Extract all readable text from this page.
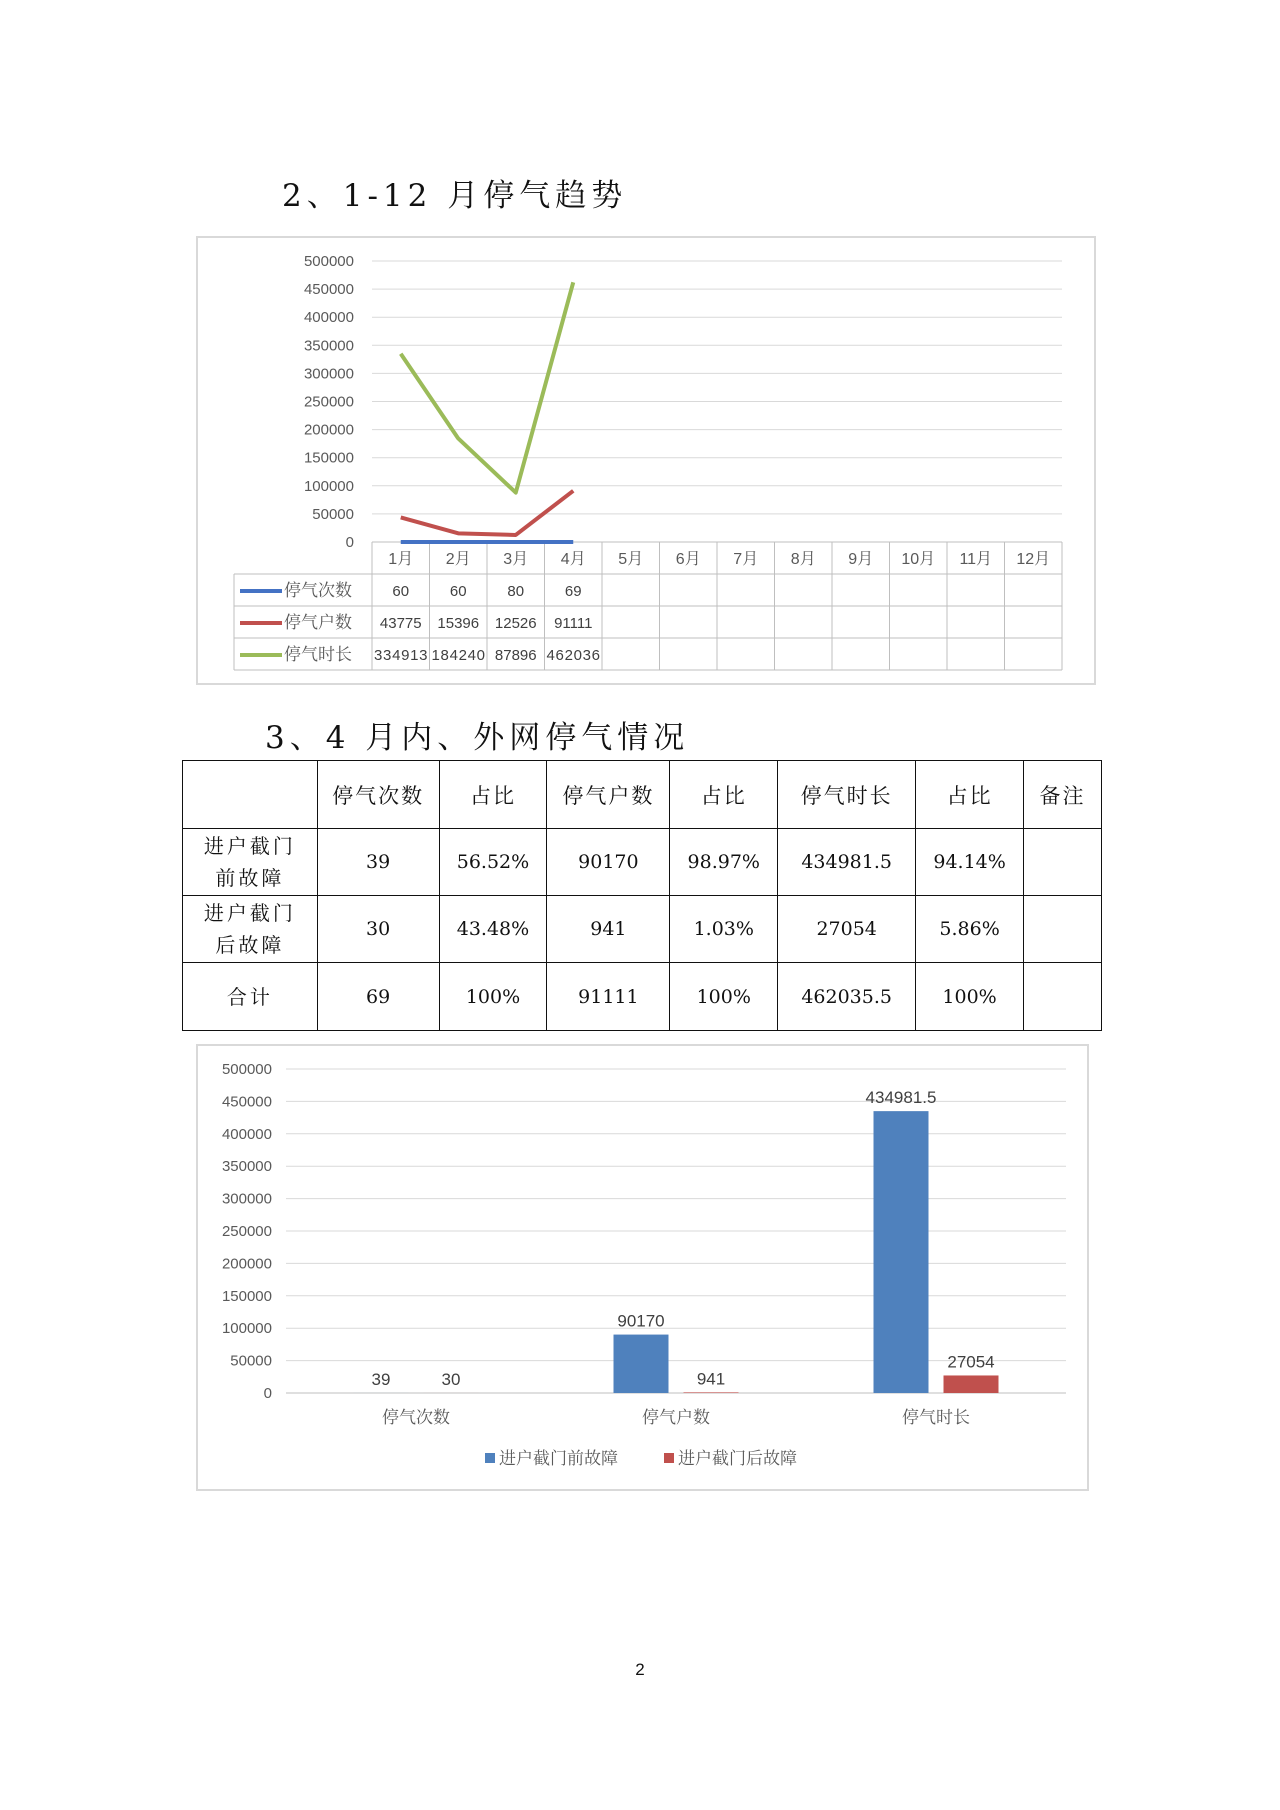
2、1-12 月停气趋势
500000
450000
400000
350000
300000
250000
200000
150000
100000
50000
0
1月 2月 3月 4月 5月 6月 7月 8月 9月 10月 11月 12月
停气次数	60	60	80	69
停气户数 43775 15396 12526 91111
停气时长 334913 184240 87896 462036
3、4 月内、外网停气情况
	停气次数	占比	停气户数	占比	停气时长	占比	备注
进户截门
前故障	39	56.52%	90170	98.97%	434981.5	94.14%	
进户截门
后故障	30	43.48%	941	1.03%	27054	5.86%	
合计	69	100%	91111	100%	462035.5	100%	
500000
450000
400000
350000
300000
250000
200000
150000
100000
50000
0
停气次数
39	30
停气户数
90170
941
停气时长
434981.5
27054
进户截门前故障	进户截门后故障
2
